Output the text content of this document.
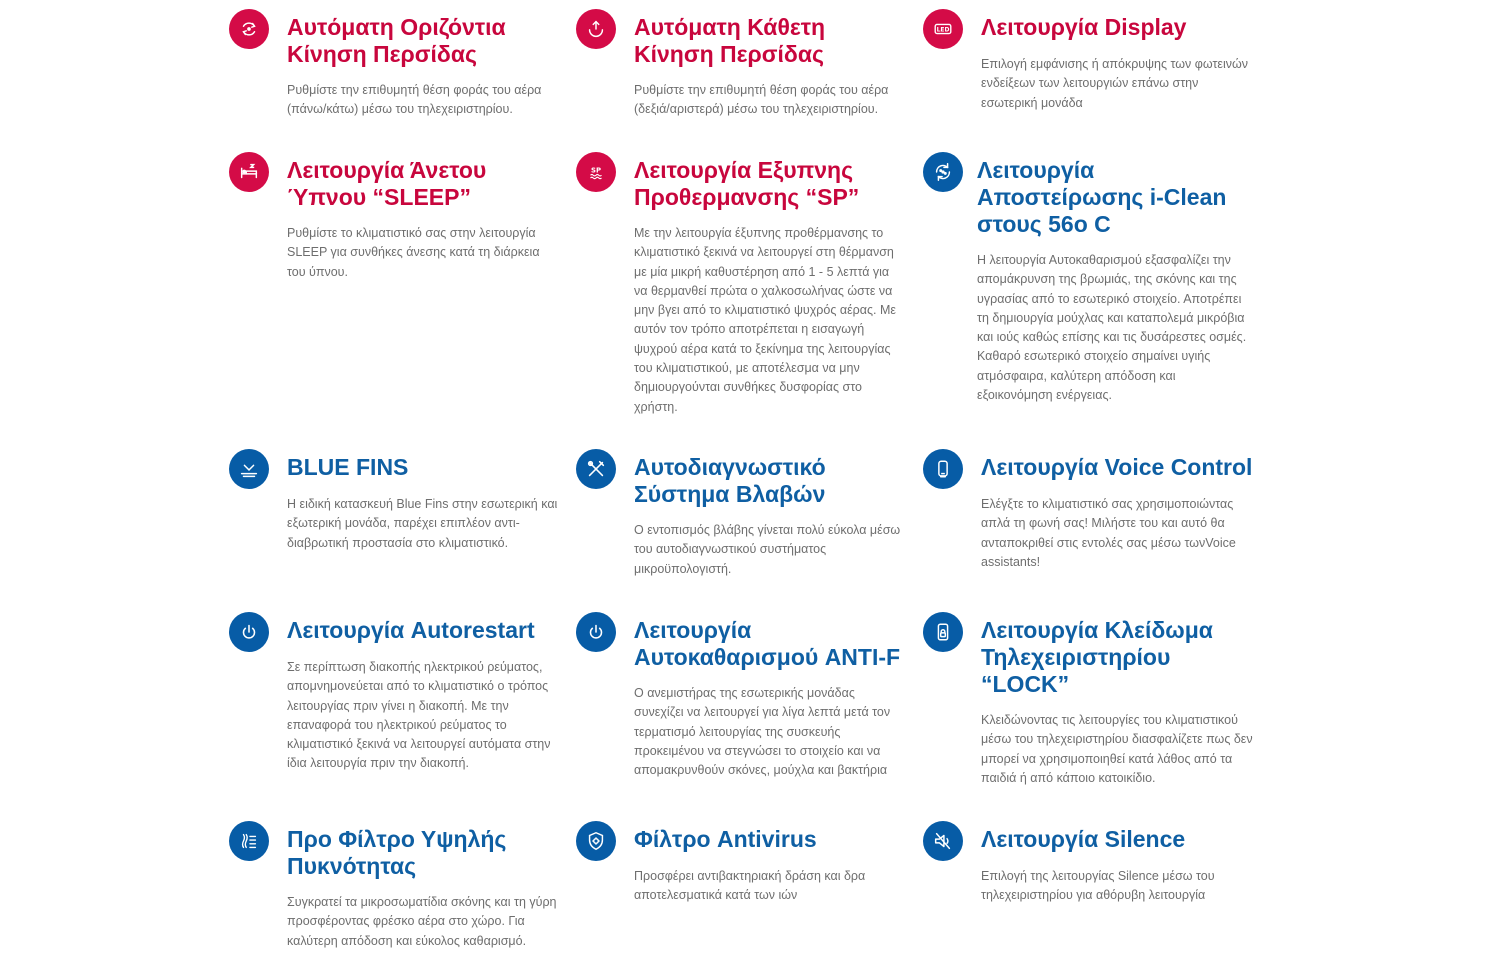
Αυτόματη Οριζόντια Κίνηση Περσίδας

Ρυθμίστε την επιθυμητή θέση φοράς του αέρα (πάνω/κάτω) μέσω του τηλεχειριστηρίου.

Αυτόματη Κάθετη Κίνηση Περσίδας

Ρυθμίστε την επιθυμητή θέση φοράς του αέρα (δεξιά/αριστερά) μέσω του τηλεχειριστηρίου.

LED Λειτουργία Display

Επιλογή εμφάνισης ή απόκρυψης των φωτεινών ενδείξεων των λειτουργιών επάνω στην εσωτερική μονάδα

Λειτουργία Άνετου Ύπνου “SLEEP”

Ρυθμίστε το κλιματιστικό σας στην λειτουργία SLEEP για συνθήκες άνεσης κατά τη διάρκεια του ύπνου.

SP Λειτουργία Εξυπνης Προθερμανσης “SP”

Με την λειτουργία έξυπνης προθέρμανσης το κλιματιστικό ξεκινά να λειτουργεί στη θέρμανση με μία μικρή καθυστέρηση από 1 - 5 λεπτά για να θερμανθεί πρώτα ο χαλκοσωλήνας ώστε να μην βγει από το κλιματιστικό ψυχρός αέρας. Με αυτόν τον τρόπο αποτρέπεται η εισαγωγή ψυχρού αέρα κατά το ξεκίνημα της λειτουργίας του κλιματιστικού, με αποτέλεσμα να μην δημιουργούνται συνθήκες δυσφορίας στο χρήστη.

Λειτουργία Αποστείρωσης i-Clean στους 56ο C

Η λειτουργία Αυτοκαθαρισμού εξασφαλίζει την απομάκρυνση της βρωμιάς, της σκόνης και της υγρασίας από το εσωτερικό στοιχείο. Αποτρέπει τη δημιουργία μούχλας και καταπολεμά μικρόβια και ιούς καθώς επίσης και τις δυσάρεστες οσμές. Καθαρό εσωτερικό στοιχείο σημαίνει υγιής ατμόσφαιρα, καλύτερη απόδοση και εξοικονόμηση ενέργειας.

BLUE FINS

Η ειδική κατασκευή Blue Fins στην εσωτερική και εξωτερική μονάδα, παρέχει επιπλέον αντι-διαβρωτική προστασία στο κλιματιστικό.

Αυτοδιαγνωστικό Σύστημα Βλαβών

Ο εντοπισμός βλάβης γίνεται πολύ εύκολα μέσω του αυτοδιαγνωστικού συστήματος μικροϋπολογιστή.

Λειτουργία Voice Control

Ελέγξτε το κλιματιστικό σας χρησιμοποιώντας απλά τη φωνή σας! Μιλήστε του και αυτό θα ανταποκριθεί στις εντολές σας μέσω τωνVoice assistants!

Λειτουργία Autorestart

Σε περίπτωση διακοπής ηλεκτρικού ρεύματος, απομνημονεύεται από το κλιματιστικό ο τρόπος λειτουργίας πριν γίνει η διακοπή. Με την επαναφορά του ηλεκτρικού ρεύματος το κλιματιστικό ξεκινά να λειτουργεί αυτόματα στην ίδια λειτουργία πριν την διακοπή.

Λειτουργία Αυτοκαθαρισμού ANTI-F

Ο ανεμιστήρας της εσωτερικής μονάδας συνεχίζει να λειτουργεί για λίγα λεπτά μετά τον τερματισμό λειτουργίας της συσκευής προκειμένου να στεγνώσει το στοιχείο και να απομακρυνθούν σκόνες, μούχλα και βακτήρια

Λειτουργία Κλείδωμα Τηλεχειριστηρίου “LOCK”

Κλειδώνοντας τις λειτουργίες του κλιματιστικού μέσω του τηλεχειριστηρίου διασφαλίζετε πως δεν μπορεί να χρησιμοποιηθεί κατά λάθος από τα παιδιά ή από κάποιο κατοικίδιο.

Προ Φίλτρο Υψηλής Πυκνότητας

Συγκρατεί τα μικροσωματίδια σκόνης και τη γύρη προσφέροντας φρέσκο αέρα στο χώρο. Για καλύτερη απόδοση και εύκολος καθαρισμό.

Φίλτρο Antivirus

Προσφέρει αντιβακτηριακή δράση και δρα αποτελεσματικά κατά των ιών

Λειτουργία Silence

Επιλογή της λειτουργίας Silence μέσω του τηλεχειριστηρίου για αθόρυβη λειτουργία
